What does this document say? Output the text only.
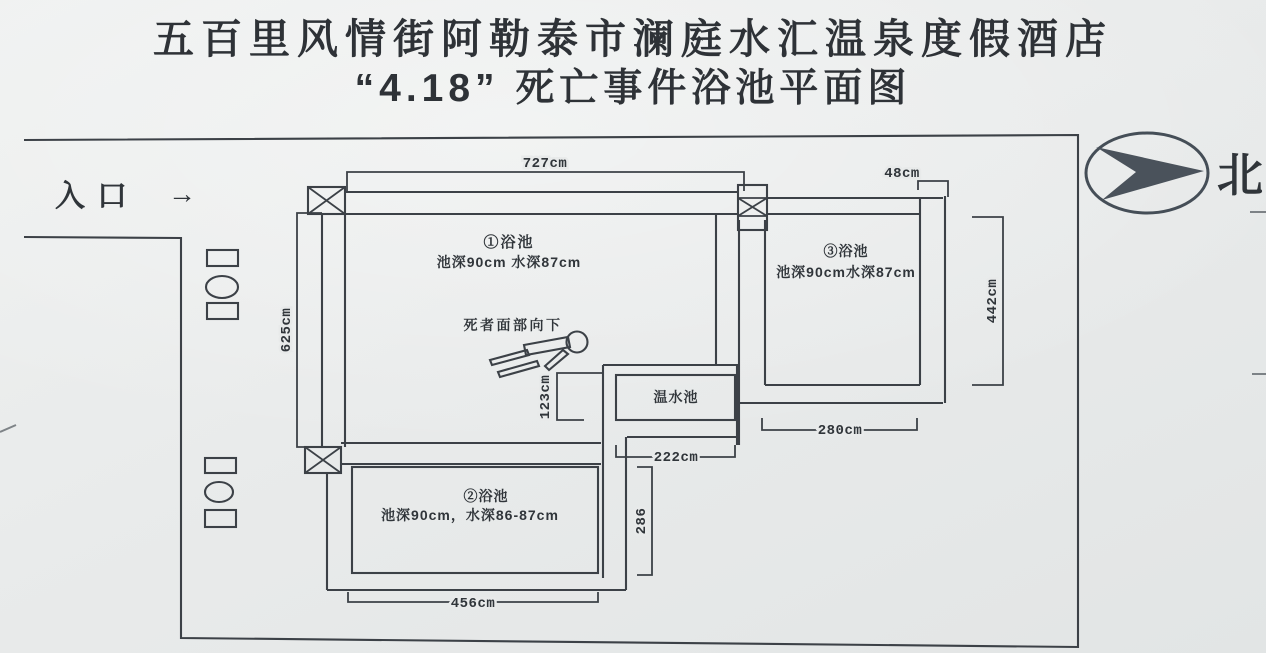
五百里风情街阿勒泰市澜庭水汇温泉度假酒店
“4.18” 死亡事件浴池平面图
入口 →
③浴池
池深90cm水深87cm
温水池
②浴池
池深90cm，水深86-87cm
①浴池
池深90cm 水深87cm
死者面部向下
727cm
48cm
625cm
442cm
280cm
222cm
123cm
286
456cm
北
